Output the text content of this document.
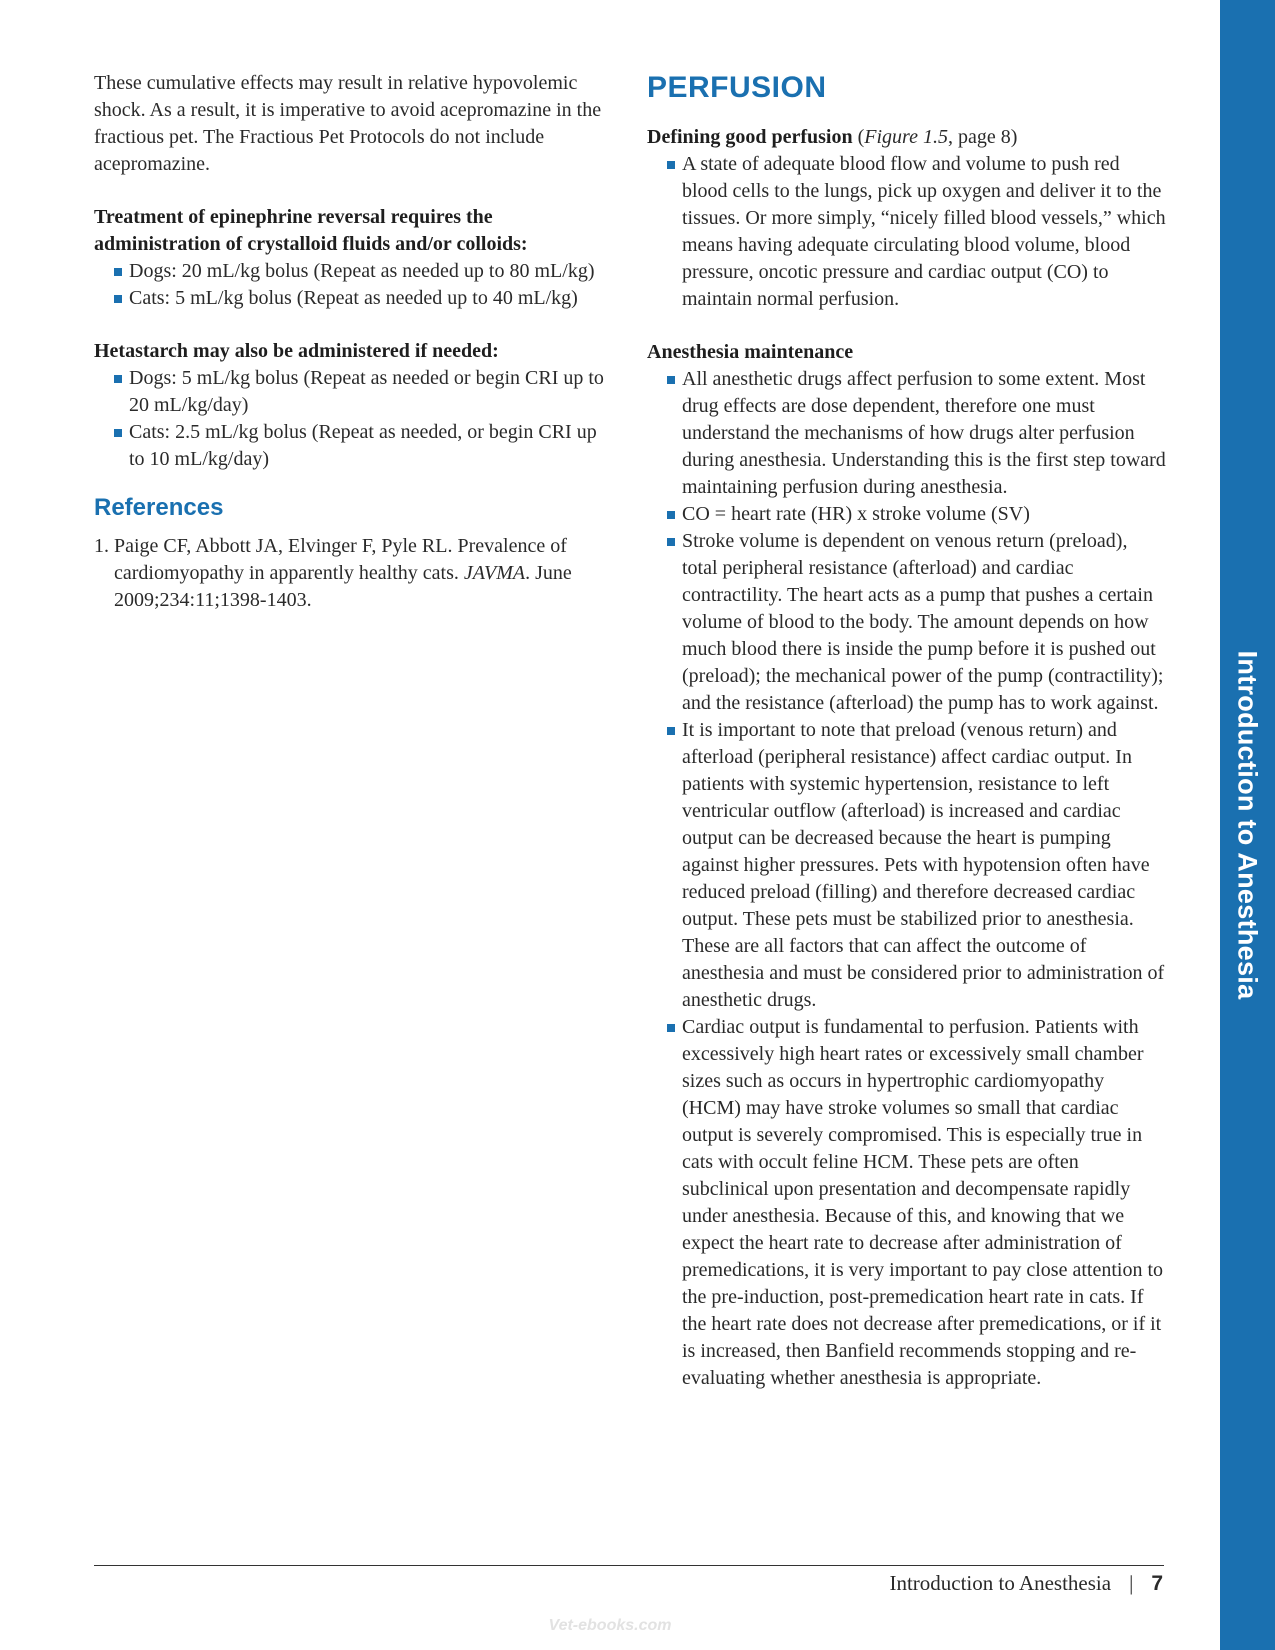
These cumulative effects may result in relative hypovolemic shock. As a result, it is imperative to avoid acepromazine in the fractious pet. The Fractious Pet Protocols do not include acepromazine.

Treatment of epinephrine reversal requires the administration of crystalloid fluids and/or colloids:

Dogs: 20 mL/kg bolus (Repeat as needed up to 80 mL/kg)
Cats: 5 mL/kg bolus (Repeat as needed up to 40 mL/kg)

Hetastarch may also be administered if needed:

Dogs: 5 mL/kg bolus (Repeat as needed or begin CRI up to 20 mL/kg/day)
Cats: 2.5 mL/kg bolus (Repeat as needed, or begin CRI up to 10 mL/kg/day)
References
1. Paige CF, Abbott JA, Elvinger F, Pyle RL. Prevalence of cardiomyopathy in apparently healthy cats. JAVMA. June 2009;234:11;1398-1403.
PERFUSION

Defining good perfusion (Figure 1.5, page 8)

A state of adequate blood flow and volume to push red blood cells to the lungs, pick up oxygen and deliver it to the tissues. Or more simply, “nicely filled blood vessels,” which means having adequate circulating blood volume, blood pressure, oncotic pressure and cardiac output (CO) to maintain normal perfusion.

Anesthesia maintenance

All anesthetic drugs affect perfusion to some extent. Most drug effects are dose dependent, therefore one must understand the mechanisms of how drugs alter perfusion during anesthesia. Understanding this is the first step toward maintaining perfusion during anesthesia.
CO = heart rate (HR) x stroke volume (SV)
Stroke volume is dependent on venous return (preload), total peripheral resistance (afterload) and cardiac contractility. The heart acts as a pump that pushes a certain volume of blood to the body. The amount depends on how much blood there is inside the pump before it is pushed out (preload); the mechanical power of the pump (contractility); and the resistance (afterload) the pump has to work against.
It is important to note that preload (venous return) and afterload (peripheral resistance) affect cardiac output. In patients with systemic hypertension, resistance to left ventricular outflow (afterload) is increased and cardiac output can be decreased because the heart is pumping against higher pressures. Pets with hypotension often have reduced preload (filling) and therefore decreased cardiac output. These pets must be stabilized prior to anesthesia. These are all factors that can affect the outcome of anesthesia and must be considered prior to administration of anesthetic drugs.
Cardiac output is fundamental to perfusion. Patients with excessively high heart rates or excessively small chamber sizes such as occurs in hypertrophic cardiomyopathy (HCM) may have stroke volumes so small that cardiac output is severely compromised. This is especially true in cats with occult feline HCM. These pets are often subclinical upon presentation and decompensate rapidly under anesthesia. Because of this, and knowing that we expect the heart rate to decrease after administration of premedications, it is very important to pay close attention to the pre-induction, post-premedication heart rate in cats. If the heart rate does not decrease after premedications, or if it is increased, then Banfield recommends stopping and re-evaluating whether anesthesia is appropriate.
Introduction to Anesthesia
Introduction to Anesthesia | 7
Vet-ebooks.com
